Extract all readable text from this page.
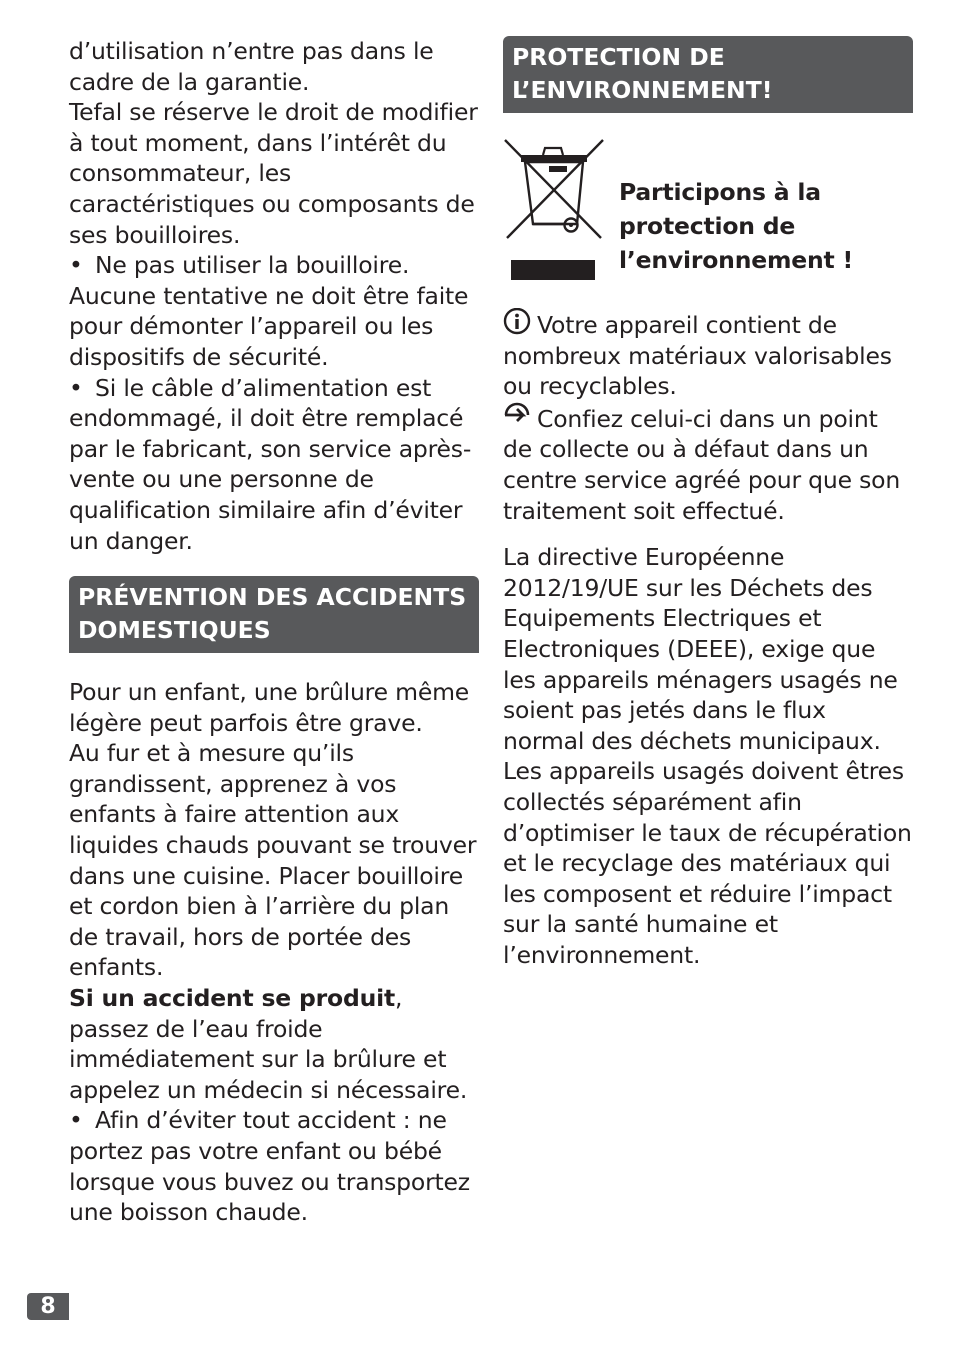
d’utilisation n’entre pas dans le cadre de la garantie.

Tefal se réserve le droit de modifier à tout moment, dans l’intérêt du consommateur, les caractéristiques ou composants de ses bouilloires.

• Ne pas utiliser la bouilloire.

Aucune tentative ne doit être faite pour démonter l’appareil ou les dispositifs de sécurité.

• Si le câble d’alimentation est endommagé, il doit être remplacé par le fabricant, son service après-vente ou une personne de qualification similaire afin d’éviter un danger.

PRÉVENTION DES ACCIDENTS DOMESTIQUES

Pour un enfant, une brûlure même légère peut parfois être grave.

Au fur et à mesure qu’ils grandissent, apprenez à vos enfants à faire attention aux liquides chauds pouvant se trouver dans une cuisine. Placer bouilloire et cordon bien à l’arrière du plan de travail, hors de portée des enfants.

Si un accident se produit, passez de l’eau froide immédiatement sur la brûlure et appelez un médecin si nécessaire.

• Afin d’éviter tout accident : ne portez pas votre enfant ou bébé lorsque vous buvez ou transportez une boisson chaude.

PROTECTION DE L’ENVIRONNEMENT!
Participons à la protection de l’environnement !

Votre appareil contient de nombreux matériaux valorisables ou recyclables.

Confiez celui-ci dans un point de collecte ou à défaut dans un centre service agréé pour que son traitement soit effectué.

La directive Européenne 2012/19/UE sur les Déchets des Equipements Electriques et Electroniques (DEEE), exige que les appareils ménagers usagés ne soient pas jetés dans le flux normal des déchets municipaux. Les appareils usagés doivent êtres collectés séparément afin d’optimiser le taux de récupération et le recyclage des matériaux qui les composent et réduire l’impact sur la santé humaine et l’environnement.

8
